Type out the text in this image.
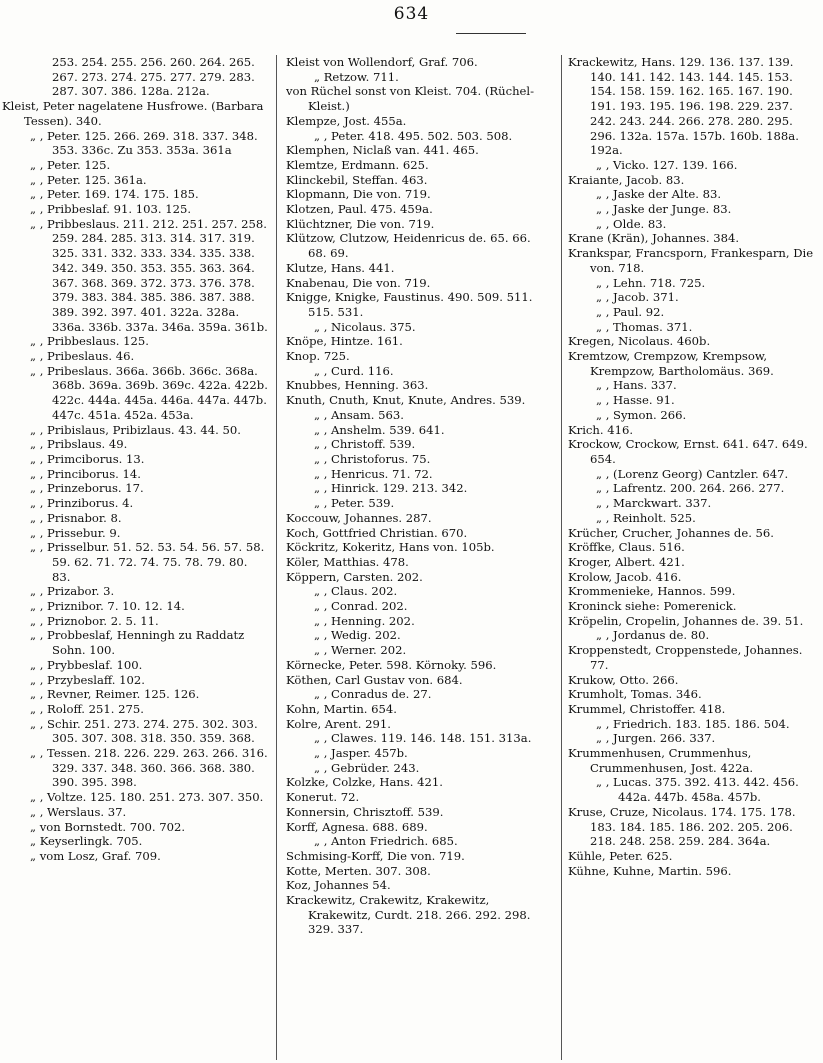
634

253. 254. 255. 256. 260. 264. 265. 267. 273. 274. 275. 277. 279. 283. 287. 307. 386. 128a. 212a.

Kleist, Peter nagelatene Husfrowe. (Barbara Tessen). 340.

„ , Peter. 125. 266. 269. 318. 337. 348. 353. 336c. Zu 353. 353a. 361a

„ , Peter. 125.

„ , Peter. 125. 361a.

„ , Peter. 169. 174. 175. 185.

„ , Pribbeslaf. 91. 103. 125.

„ , Pribbeslaus. 211. 212. 251. 257. 258. 259. 284. 285. 313. 314. 317. 319. 325. 331. 332. 333. 334. 335. 338. 342. 349. 350. 353. 355. 363. 364. 367. 368. 369. 372. 373. 376. 378. 379. 383. 384. 385. 386. 387. 388. 389. 392. 397. 401. 322a. 328a. 336a. 336b. 337a. 346a. 359a. 361b.

„ , Pribbeslaus. 125.

„ , Pribeslaus. 46.

„ , Pribeslaus. 366a. 366b. 366c. 368a. 368b. 369a. 369b. 369c. 422a. 422b. 422c. 444a. 445a. 446a. 447a. 447b. 447c. 451a. 452a. 453a.

„ , Pribislaus, Pribizlaus. 43. 44. 50.

„ , Pribslaus. 49.

„ , Primciborus. 13.

„ , Princiborus. 14.

„ , Prinzeborus. 17.

„ , Prinziborus. 4.

„ , Prisnabor. 8.

„ , Prissebur. 9.

„ , Prisselbur. 51. 52. 53. 54. 56. 57. 58. 59. 62. 71. 72. 74. 75. 78. 79. 80. 83.

„ , Prizabor. 3.

„ , Priznibor. 7. 10. 12. 14.

„ , Priznobor. 2. 5. 11.

„ , Probbeslaf, Henningh zu Raddatz Sohn. 100.

„ , Prybbeslaf. 100.

„ , Przybeslaff. 102.

„ , Revner, Reimer. 125. 126.

„ , Roloff. 251. 275.

„ , Schir. 251. 273. 274. 275. 302. 303. 305. 307. 308. 318. 350. 359. 368.

„ , Tessen. 218. 226. 229. 263. 266. 316. 329. 337. 348. 360. 366. 368. 380. 390. 395. 398.

„ , Voltze. 125. 180. 251. 273. 307. 350.

„ , Werslaus. 37.

„ von Bornstedt. 700. 702.

„ Keyserlingk. 705.

„ vom Losz, Graf. 709.

Kleist von Wollendorf, Graf. 706.

„ Retzow. 711.

von Rüchel sonst von Kleist. 704. (Rüchel-Kleist.)

Klempze, Jost. 455a.

„ , Peter. 418. 495. 502. 503. 508.

Klemphen, Niclaß van. 441. 465.

Klemtze, Erdmann. 625.

Klinckebil, Steffan. 463.

Klopmann, Die von. 719.

Klotzen, Paul. 475. 459a.

Klüchtzner, Die von. 719.

Klützow, Clutzow, Heidenricus de. 65. 66. 68. 69.

Klutze, Hans. 441.

Knabenau, Die von. 719.

Knigge, Knigke, Faustinus. 490. 509. 511. 515. 531.

„ , Nicolaus. 375.

Knöpe, Hintze. 161.

Knop. 725.

„ , Curd. 116.

Knubbes, Henning. 363.

Knuth, Cnuth, Knut, Knute, Andres. 539.

„ , Ansam. 563.

„ , Anshelm. 539. 641.

„ , Christoff. 539.

„ , Christoforus. 75.

„ , Henricus. 71. 72.

„ , Hinrick. 129. 213. 342.

„ , Peter. 539.

Koccouw, Johannes. 287.

Koch, Gottfried Christian. 670.

Köckritz, Kokeritz, Hans von. 105b.

Köler, Matthias. 478.

Köppern, Carsten. 202.

„ , Claus. 202.

„ , Conrad. 202.

„ , Henning. 202.

„ , Wedig. 202.

„ , Werner. 202.

Körnecke, Peter. 598. Körnoky. 596.

Köthen, Carl Gustav von. 684.

„ , Conradus de. 27.

Kohn, Martin. 654.

Kolre, Arent. 291.

„ , Clawes. 119. 146. 148. 151. 313a.

„ , Jasper. 457b.

„ , Gebrüder. 243.

Kolzke, Colzke, Hans. 421.

Konerut. 72.

Konnersin, Chrisztoff. 539.

Korff, Agnesa. 688. 689.

„ , Anton Friedrich. 685.

Schmising-Korff, Die von. 719.

Kotte, Merten. 307. 308.

Koz, Johannes 54.

Krackewitz, Crakewitz, Krakewitz, Krakewitz, Curdt. 218. 266. 292. 298. 329. 337.

Krackewitz, Hans. 129. 136. 137. 139. 140. 141. 142. 143. 144. 145. 153. 154. 158. 159. 162. 165. 167. 190. 191. 193. 195. 196. 198. 229. 237. 242. 243. 244. 266. 278. 280. 295. 296. 132a. 157a. 157b. 160b. 188a. 192a.

„ , Vicko. 127. 139. 166.

Kraiante, Jacob. 83.

„ , Jaske der Alte. 83.

„ , Jaske der Junge. 83.

„ , Olde. 83.

Krane (Krän), Johannes. 384.

Krankspar, Francsporn, Frankesparn, Die von. 718.

„ , Lehn. 718. 725.

„ , Jacob. 371.

„ , Paul. 92.

„ , Thomas. 371.

Kregen, Nicolaus. 460b.

Kremtzow, Crempzow, Krempsow, Krempzow, Bartholomäus. 369.

„ , Hans. 337.

„ , Hasse. 91.

„ , Symon. 266.

Krich. 416.

Krockow, Crockow, Ernst. 641. 647. 649. 654.

„ , (Lorenz Georg) Cantzler. 647.

„ , Lafrentz. 200. 264. 266. 277.

„ , Marckwart. 337.

„ , Reinholt. 525.

Krücher, Crucher, Johannes de. 56.

Kröffke, Claus. 516.

Kroger, Albert. 421.

Krolow, Jacob. 416.

Krommenieke, Hannos. 599.

Kroninck siehe: Pomerenick.

Kröpelin, Cropelin, Johannes de. 39. 51.

„ , Jordanus de. 80.

Kroppenstedt, Croppenstede, Johannes. 77.

Krukow, Otto. 266.

Krumholt, Tomas. 346.

Krummel, Christoffer. 418.

„ , Friedrich. 183. 185. 186. 504.

„ , Jurgen. 266. 337.

Krummenhusen, Crummenhus, Crummenhusen, Jost. 422a.

„ , Lucas. 375. 392. 413. 442. 456. 442a. 447b. 458a. 457b.

Kruse, Cruze, Nicolaus. 174. 175. 178. 183. 184. 185. 186. 202. 205. 206. 218. 248. 258. 259. 284. 364a.

Kühle, Peter. 625.

Kühne, Kuhne, Martin. 596.
